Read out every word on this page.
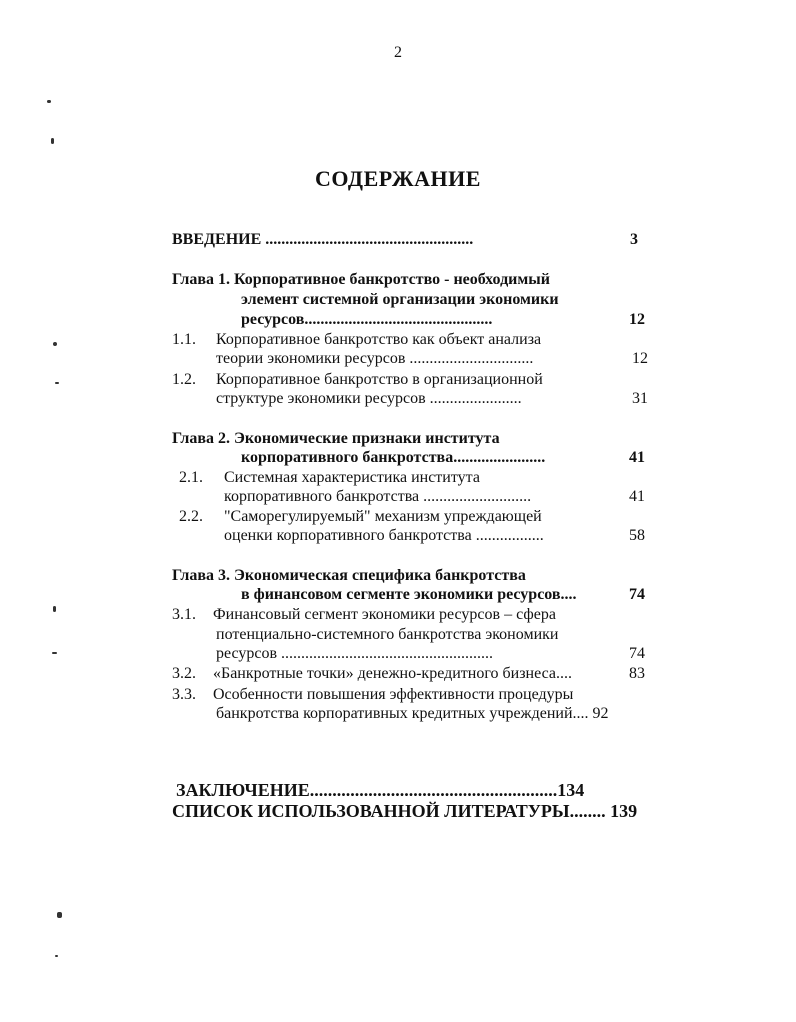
2
СОДЕРЖАНИЕ
ВВЕДЕНИЕ ....................................................	3
Глава 1. Корпоративное банкротство - необходимый
элемент системной организации экономики
ресурсов...............................................	12
1.1. Корпоративное банкротство как объект анализа
теории экономики ресурсов ...............................	12
1.2. Корпоративное банкротство в организационной
структуре экономики ресурсов .......................	31
Глава 2. Экономические признаки института
корпоративного банкротства.......................	41
2.1. Системная характеристика института
корпоративного банкротства ...........................	41
2.2. "Саморегулируемый" механизм упреждающей
оценки корпоративного банкротства .................	58
Глава 3. Экономическая специфика банкротства
в финансовом сегменте экономики ресурсов....	74
3.1. Финансовый сегмент экономики ресурсов – сфера
потенциально-системного банкротства экономики
ресурсов .....................................................	74
3.2. «Банкротные точки» денежно-кредитного бизнеса....	83
3.3. Особенности повышения эффективности процедуры
банкротства корпоративных кредитных учреждений.... 92
ЗАКЛЮЧЕНИЕ.......................................................134
СПИСОК ИСПОЛЬЗОВАННОЙ ЛИТЕРАТУРЫ........ 139
